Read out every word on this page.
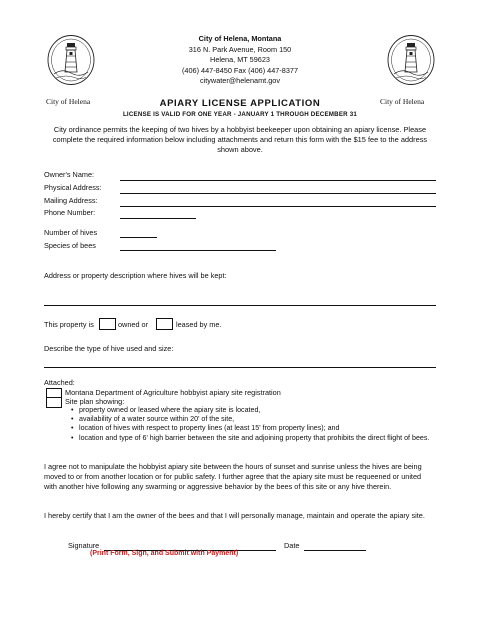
City of Helena	City of Helena
City of Helena, Montana
316 N. Park Avenue, Room 150
Helena, MT 59623
(406) 447-8450 Fax (406) 447-8377
citywater@helenamt.gov
APIARY LICENSE APPLICATION
LICENSE IS VALID FOR ONE YEAR - JANUARY 1 THROUGH DECEMBER 31
City ordinance permits the keeping of two hives by a hobbyist beekeeper upon obtaining an apiary license. Please complete the required information below including attachments and return this form with the $15 fee to the address shown above.
Owner's Name:
Physical Address:
Mailing Address:
Phone Number:
Number of hives
Species of bees
Address or property description where hives will be kept:
This property is	owned or	leased by me.
Describe the type of hive used and size:
Attached:
Montana Department of Agriculture hobbyist apiary site registration
Site plan showing:
• property owned or leased where the apiary site is located,
• availability of a water source within 20' of the site,
• location of hives with respect to property lines (at least 15' from property lines); and
• location and type of 6' high barrier between the site and adjoining property that prohibits the direct flight of bees.
I agree not to manipulate the hobbyist apiary site between the hours of sunset and sunrise unless the hives are being moved to or from another location or for public safety. I further agree that the apiary site must be requeened or united with another hive following any swarming or aggressive behavior by the bees of this site or any hive therein.
I hereby certify that I am the owner of the bees and that I will personally manage, maintain and operate the apiary site.
Signature	Date
(Print Form, Sign, and Submit with Payment)
